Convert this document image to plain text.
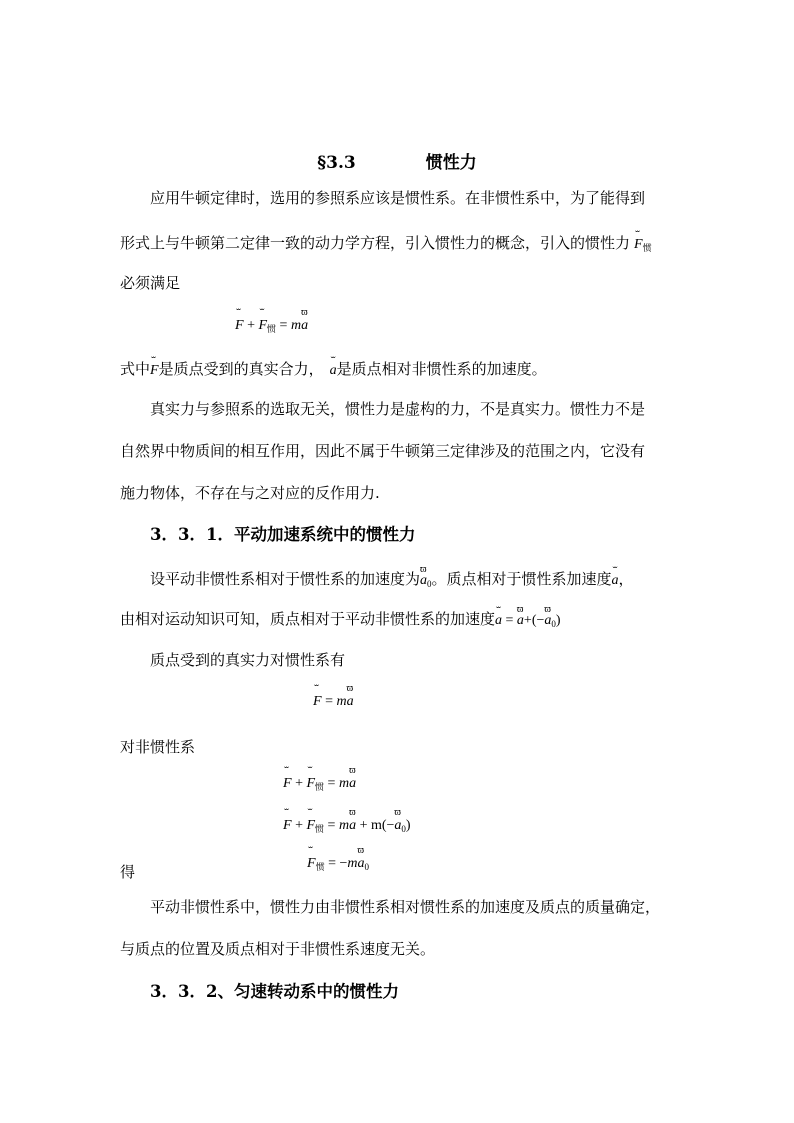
§3.3	惯性力
应用牛顿定律时，选用的参照系应该是惯性系。在非惯性系中，为了能得到
形式上与牛顿第二定律一致的动力学方程，引入惯性力的概念，引入的惯性力 ˇˇ $F_惯$
必须满足
ˇˇ F + ˇˇ $F_惯 = mϖ$ a
式中ˇˇ F是质点受到的真实合力， ˇˇ a是质点相对非惯性系的加速度。
真实力与参照系的选取无关，惯性力是虚构的力，不是真实力。惯性力不是
自然界中物质间的相互作用，因此不属于牛顿第三定律涉及的范围之内，它没有
施力物体，不存在与之对应的反作用力.
3．3．1．平动加速系统中的惯性力
设平动非惯性系相对于惯性系的加速度为ϖ $a_0$。质点相对于惯性系加速度ˇˇ a，
由相对运动知识可知，质点相对于平动非惯性系的加速度ˇˇ a = ϖ a+(−ϖ $a_0$)
质点受到的真实力对惯性系有
ˇˇ F = mϖ a
对非惯性系
ˇˇ F + ˇˇ $F_惯 = mϖ$ a
ˇˇ F + ˇˇ $F_惯 = mϖ$ a + m(−ϖ $a_0$)
得	ˇˇ $F_惯 = -mϖ$ $a_0$
平动非惯性系中，惯性力由非惯性系相对惯性系的加速度及质点的质量确定，
与质点的位置及质点相对于非惯性系速度无关。
3．3．2、匀速转动系中的惯性力
